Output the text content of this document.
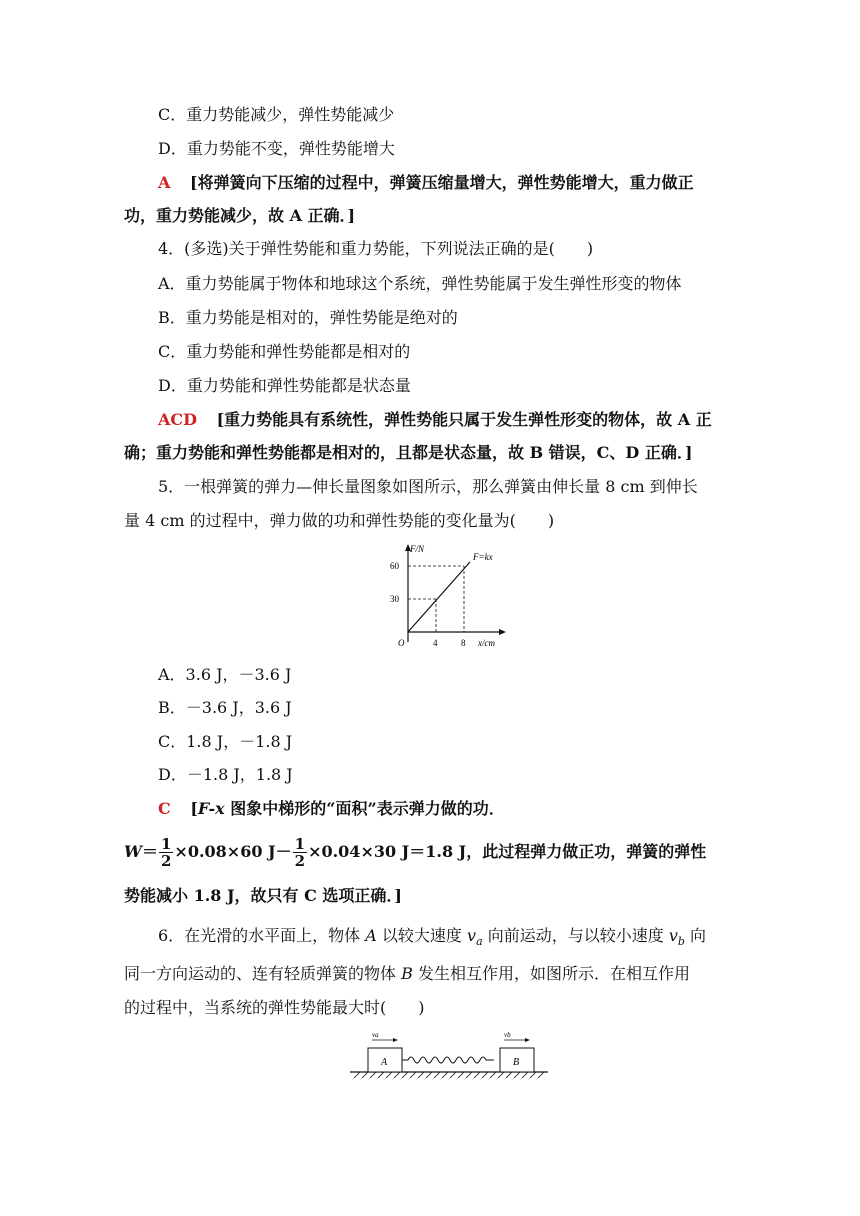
C．重力势能减少，弹性势能减少
D．重力势能不变，弹性势能增大
A [将弹簧向下压缩的过程中，弹簧压缩量增大，弹性势能增大，重力做正
功，重力势能减少，故 A 正确．]
4．(多选)关于弹性势能和重力势能，下列说法正确的是(　　)
A．重力势能属于物体和地球这个系统，弹性势能属于发生弹性形变的物体
B．重力势能是相对的，弹性势能是绝对的
C．重力势能和弹性势能都是相对的
D．重力势能和弹性势能都是状态量
ACD [重力势能具有系统性，弹性势能只属于发生弹性形变的物体，故 A 正
确；重力势能和弹性势能都是相对的，且都是状态量，故 B 错误，C、D 正确．]
5．一根弹簧的弹力—伸长量图象如图所示，那么弹簧由伸长量 8 cm 到伸长
量 4 cm 的过程中，弹力做的功和弹性势能的变化量为(　　)
F/N
F=kx
60
30
O	4	8 x/cm
A．3.6 J，－3.6 J
B．－3.6 J，3.6 J
C．1.8 J，－1.8 J
D．－1.8 J，1.8 J
C [F-x 图象中梯形的“面积”表示弹力做的功．
$W= \frac{1}{2} \times 0.08\times 60$ $J- \frac{1}{2} \times 0.04\times 30$ J＝1.8 J，此过程弹力做正功，弹簧的弹性
势能减小 1.8 J，故只有 C 选项正确．]
6．在光滑的水平面上，物体 A 以较大速度 $v_a$ 向前运动，与以较小速度 $v_b$ 向
同一方向运动的、连有轻质弹簧的物体 B 发生相互作用，如图所示．在相互作用
的过程中，当系统的弹性势能最大时(　　)
A	B
va	vb
